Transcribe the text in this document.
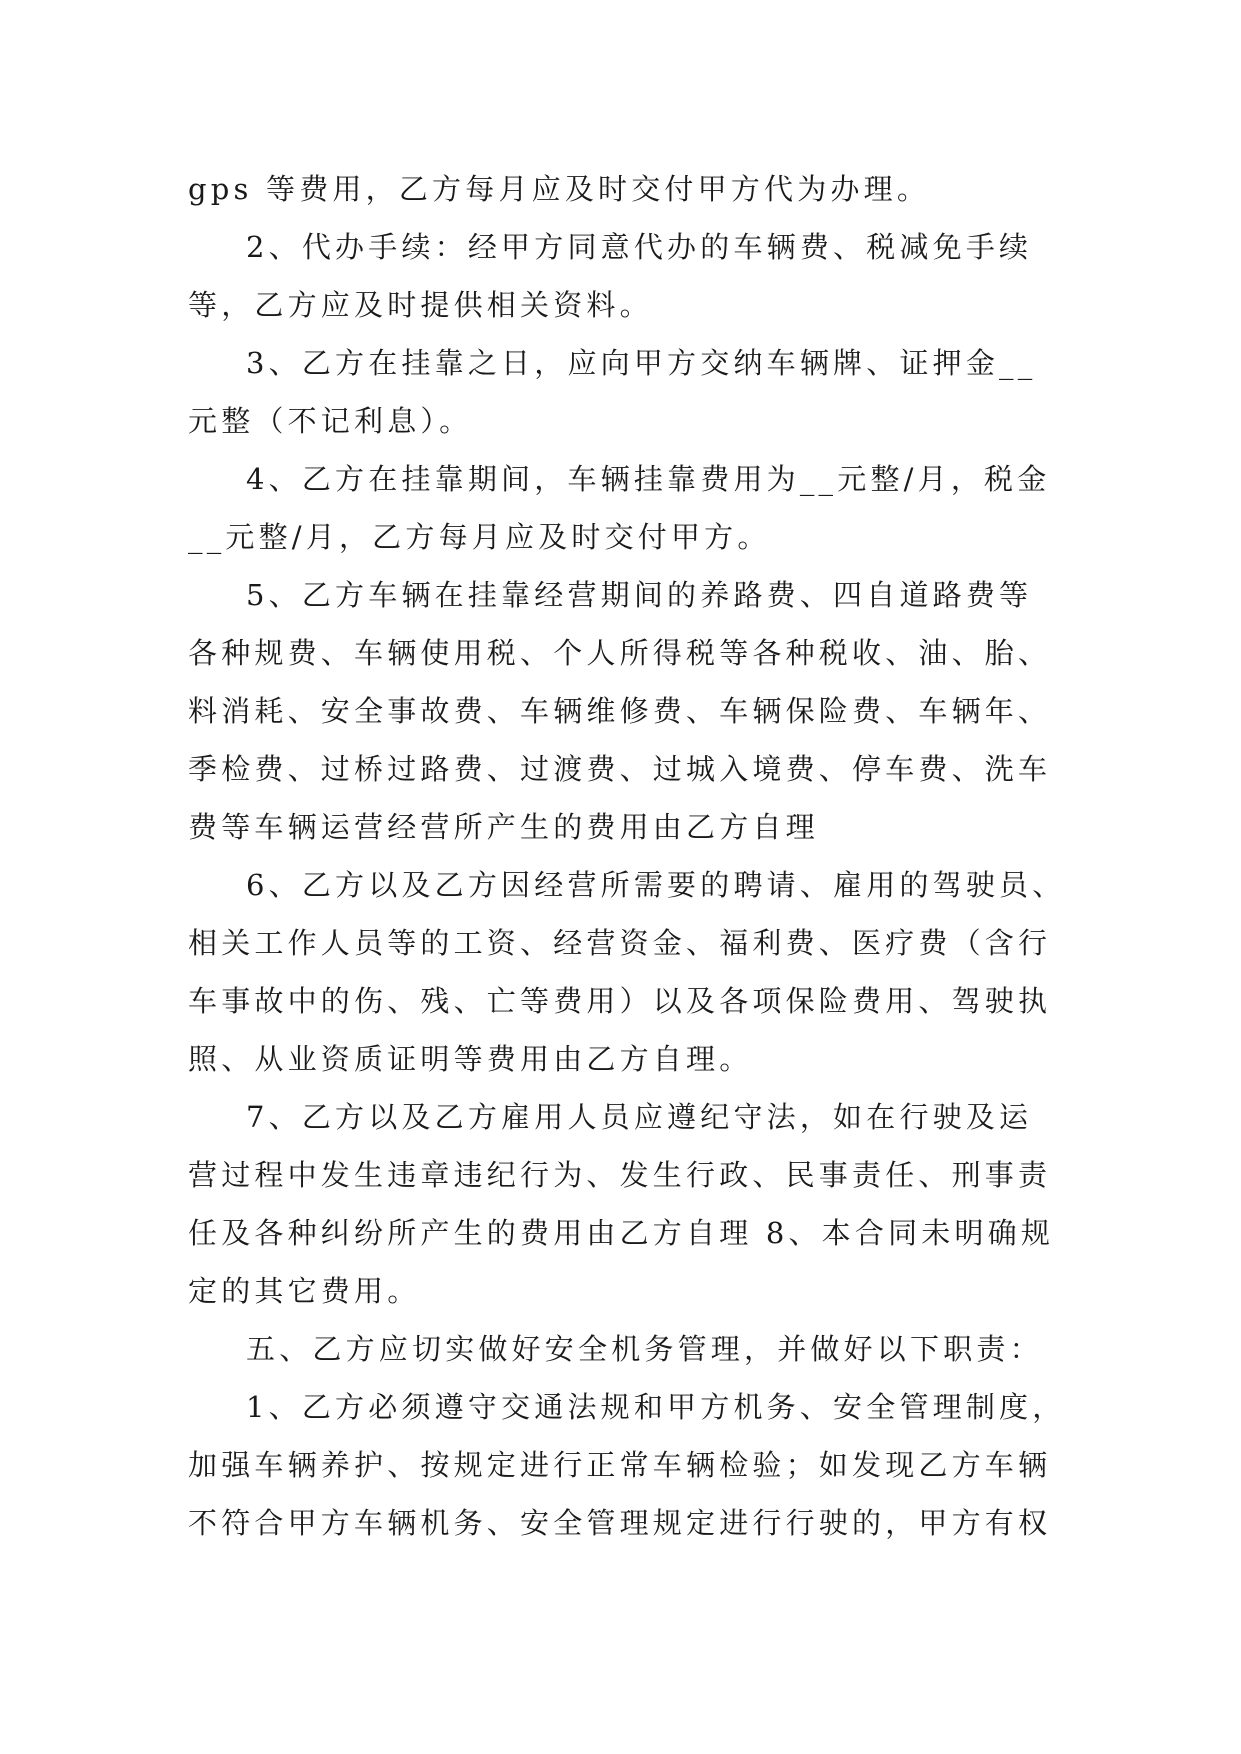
gps 等费用，乙方每月应及时交付甲方代为办理。
2、代办手续：经甲方同意代办的车辆费、税减免手续
等，乙方应及时提供相关资料。
3、乙方在挂靠之日，应向甲方交纳车辆牌、证押金__
元整（不记利息）。
4、乙方在挂靠期间，车辆挂靠费用为__元整/月，税金
__元整/月，乙方每月应及时交付甲方。
5、乙方车辆在挂靠经营期间的养路费、四自道路费等
各种规费、车辆使用税、个人所得税等各种税收、油、胎、
料消耗、安全事故费、车辆维修费、车辆保险费、车辆年、
季检费、过桥过路费、过渡费、过城入境费、停车费、洗车
费等车辆运营经营所产生的费用由乙方自理
6、乙方以及乙方因经营所需要的聘请、雇用的驾驶员、
相关工作人员等的工资、经营资金、福利费、医疗费（含行
车事故中的伤、残、亡等费用）以及各项保险费用、驾驶执
照、从业资质证明等费用由乙方自理。
7、乙方以及乙方雇用人员应遵纪守法，如在行驶及运
营过程中发生违章违纪行为、发生行政、民事责任、刑事责
任及各种纠纷所产生的费用由乙方自理 8、本合同未明确规
定的其它费用。
五、乙方应切实做好安全机务管理，并做好以下职责：
1、乙方必须遵守交通法规和甲方机务、安全管理制度，
加强车辆养护、按规定进行正常车辆检验；如发现乙方车辆
不符合甲方车辆机务、安全管理规定进行行驶的，甲方有权
